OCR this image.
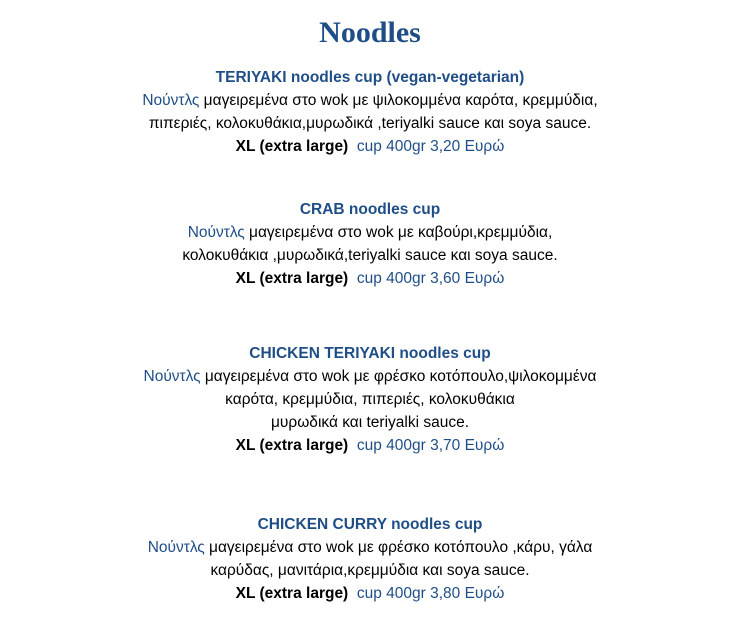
Noodles
TERIYAKI noodles cup (vegan-vegetarian)
Νούντλς μαγειρεμένα στο wok με ψιλοκομμένα καρότα, κρεμμύδια,
πιπεριές, κολοκυθάκια,μυρωδικά ,teriyalki sauce και soya sauce.
XL (extra large) cup 400gr 3,20 Ευρώ
CRAB noodles cup
Νούντλς μαγειρεμένα στο wok με καβούρι,κρεμμύδια,
κολοκυθάκια ,μυρωδικά,teriyalki sauce και soya sauce.
XL (extra large) cup 400gr 3,60 Ευρώ
CHICKEN TERIYAKI noodles cup
Νούντλς μαγειρεμένα στο wok με φρέσκο κοτόπουλο,ψιλοκομμένα
καρότα, κρεμμύδια, πιπεριές, κολοκυθάκια
μυρωδικά και teriyalki sauce.
XL (extra large) cup 400gr 3,70 Ευρώ
CHICKEN CURRY noodles cup
Νούντλς μαγειρεμένα στο wok με φρέσκο κοτόπουλο ,κάρυ, γάλα
καρύδας, μανιτάρια,κρεμμύδια και soya sauce.
XL (extra large) cup 400gr 3,80 Ευρώ
